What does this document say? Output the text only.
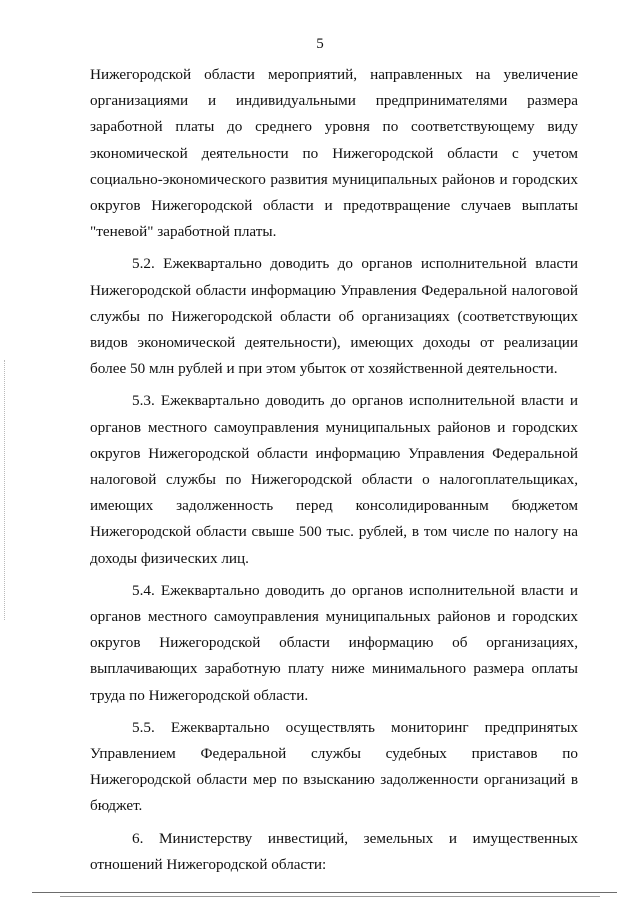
5
Нижегородской области мероприятий, направленных на увеличение
организациями и индивидуальными предпринимателями размера
заработной платы до среднего уровня по соответствующему виду
экономической деятельности по Нижегородской области с учетом
социально-экономического развития муниципальных районов и городских
округов Нижегородской области и предотвращение случаев выплаты
"теневой" заработной платы.
5.2. Ежеквартально доводить до органов исполнительной власти
Нижегородской области информацию Управления Федеральной налоговой
службы по Нижегородской области об организациях (соответствующих
видов экономической деятельности), имеющих доходы от реализации
более 50 млн рублей и при этом убыток от хозяйственной деятельности.
5.3. Ежеквартально доводить до органов исполнительной власти и
органов местного самоуправления муниципальных районов и городских
округов Нижегородской области информацию Управления Федеральной
налоговой службы по Нижегородской области о налогоплательщиках,
имеющих задолженность перед консолидированным бюджетом
Нижегородской области свыше 500 тыс. рублей, в том числе по налогу на
доходы физических лиц.
5.4. Ежеквартально доводить до органов исполнительной власти и
органов местного самоуправления муниципальных районов и городских
округов Нижегородской области информацию об организациях,
выплачивающих заработную плату ниже минимального размера оплаты
труда по Нижегородской области.
5.5. Ежеквартально осуществлять мониторинг предпринятых
Управлением Федеральной службы судебных приставов по
Нижегородской области мер по взысканию задолженности организаций в
бюджет.
6. Министерству инвестиций, земельных и имущественных
отношений Нижегородской области:
